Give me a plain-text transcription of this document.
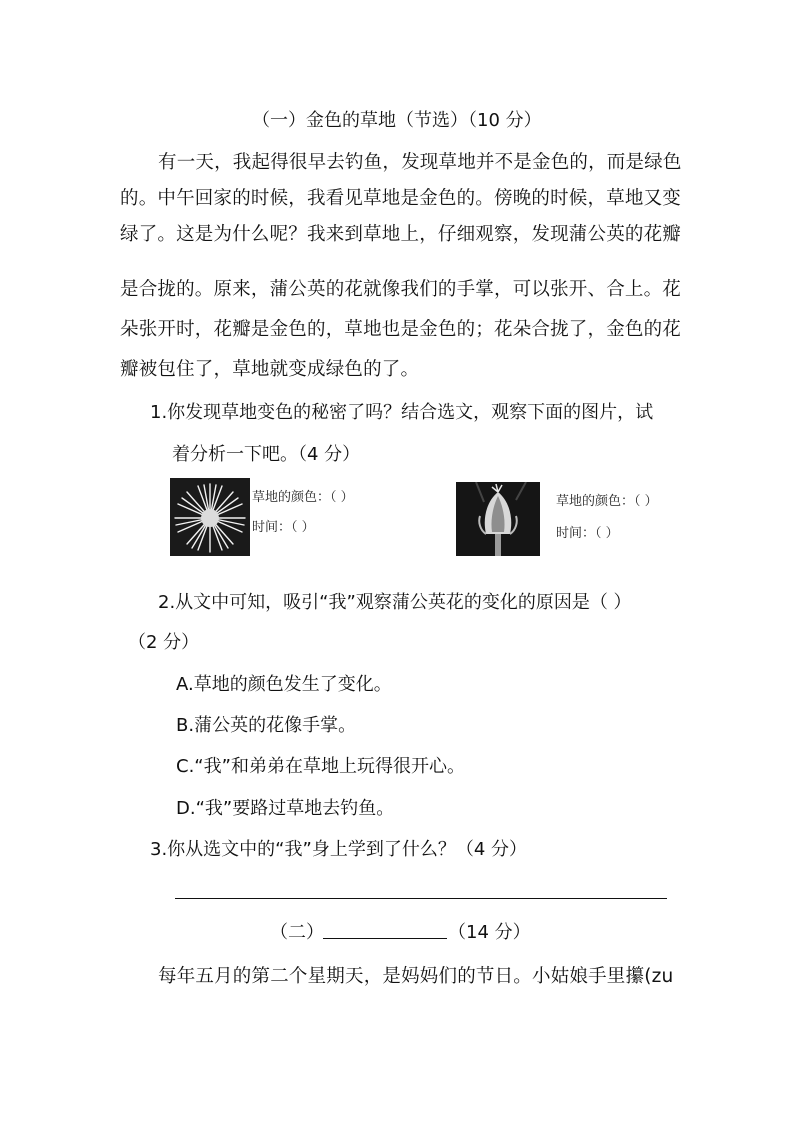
（一）金色的草地（节选）（10 分）
有一天，我起得很早去钓鱼，发现草地并不是金色的，而是绿色
的。中午回家的时候，我看见草地是金色的。傍晚的时候，草地又变
绿了。这是为什么呢？我来到草地上，仔细观察，发现蒲公英的花瓣
是合拢的。原来，蒲公英的花就像我们的手掌，可以张开、合上。花
朵张开时，花瓣是金色的，草地也是金色的；花朵合拢了，金色的花
瓣被包住了，草地就变成绿色的了。
1.你发现草地变色的秘密了吗？结合选文，观察下面的图片，试
着分析一下吧。（4 分）
草地的颜色：（ ）
时间：（ ）
草地的颜色：（ ）
时间：（ ）
2.从文中可知，吸引“我”观察蒲公英花的变化的原因是（ ）
（2 分）
A.草地的颜色发生了变化。
B.蒲公英的花像手掌。
C.“我”和弟弟在草地上玩得很开心。
D.“我”要路过草地去钓鱼。
3.你从选文中的“我”身上学到了什么？（4 分）
（二）	（14 分）
每年五月的第二个星期天，是妈妈们的节日。小姑娘手里攥(zu
